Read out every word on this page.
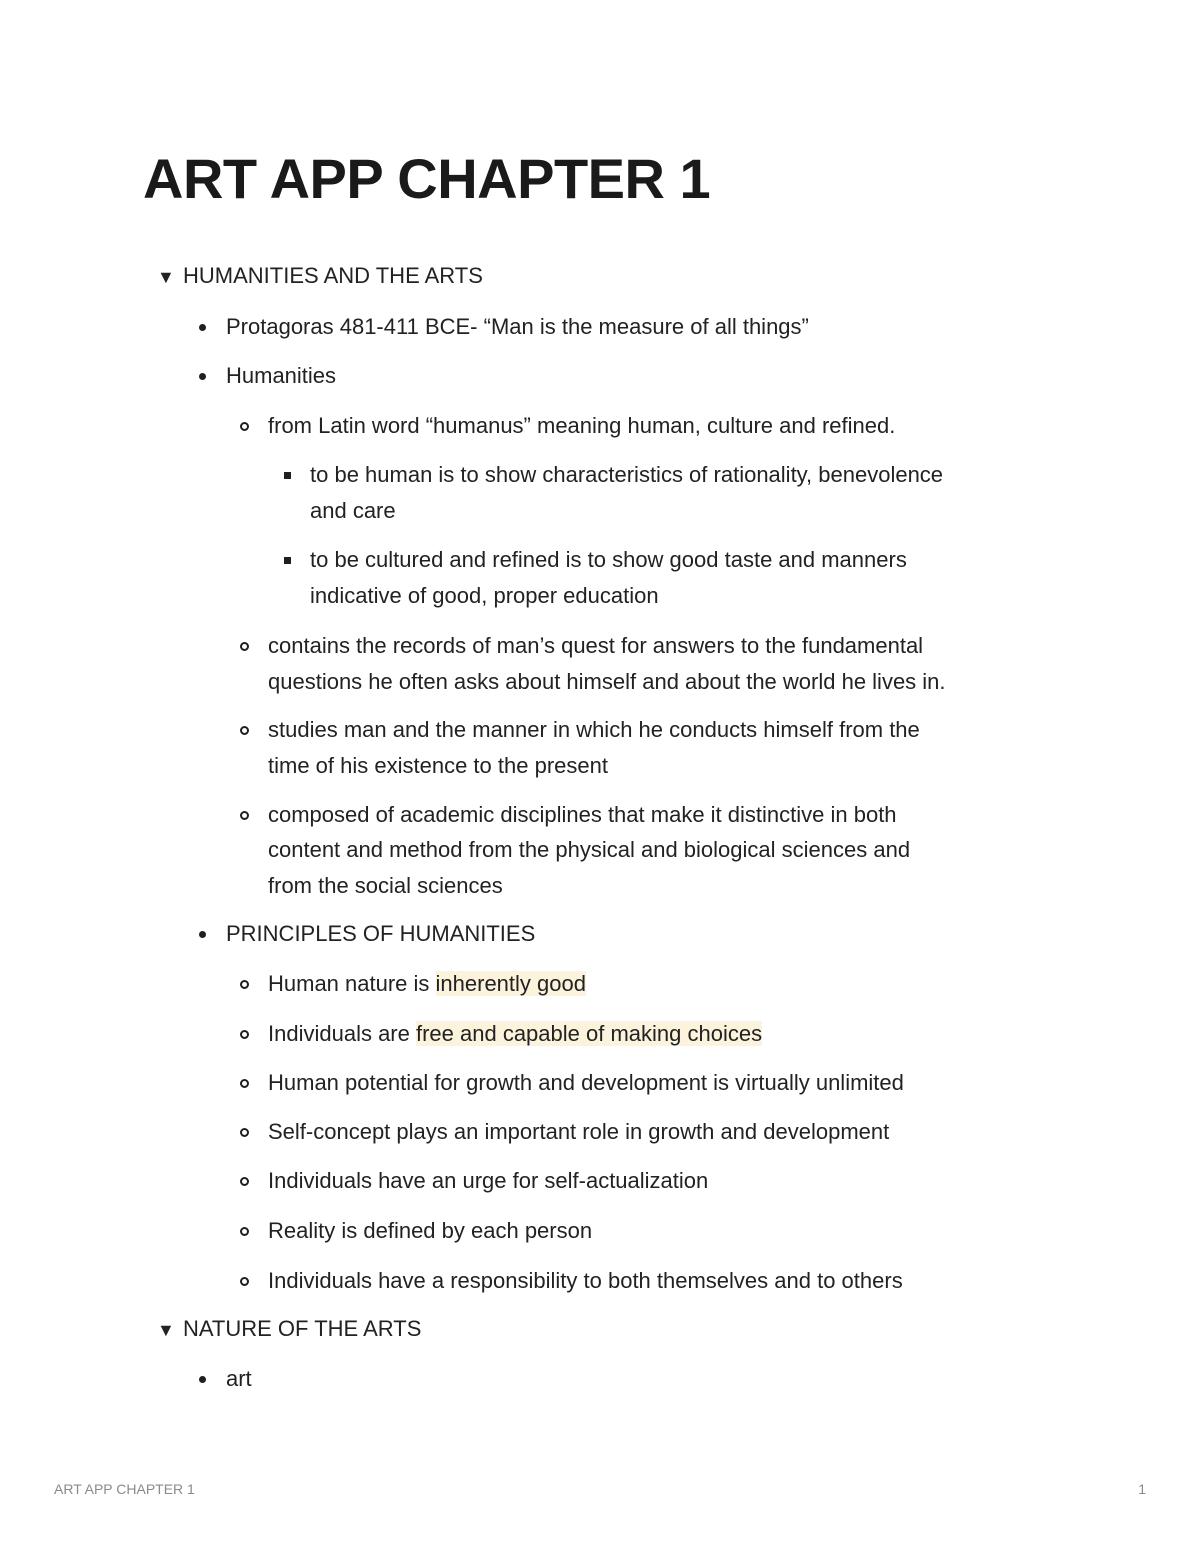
ART APP CHAPTER 1
▼ HUMANITIES AND THE ARTS
Protagoras 481-411 BCE- “Man is the measure of all things”
Humanities
from Latin word “humanus” meaning human, culture and refined.
to be human is to show characteristics of rationality, benevolence
and care
to be cultured and refined is to show good taste and manners
indicative of good, proper education
contains the records of man’s quest for answers to the fundamental
questions he often asks about himself and about the world he lives in.
studies man and the manner in which he conducts himself from the
time of his existence to the present
composed of academic disciplines that make it distinctive in both
content and method from the physical and biological sciences and
from the social sciences
PRINCIPLES OF HUMANITIES
Human nature is inherently good
Individuals are free and capable of making choices
Human potential for growth and development is virtually unlimited
Self-concept plays an important role in growth and development
Individuals have an urge for self-actualization
Reality is defined by each person
Individuals have a responsibility to both themselves and to others
▼ NATURE OF THE ARTS
art
ART APP CHAPTER 1	1
